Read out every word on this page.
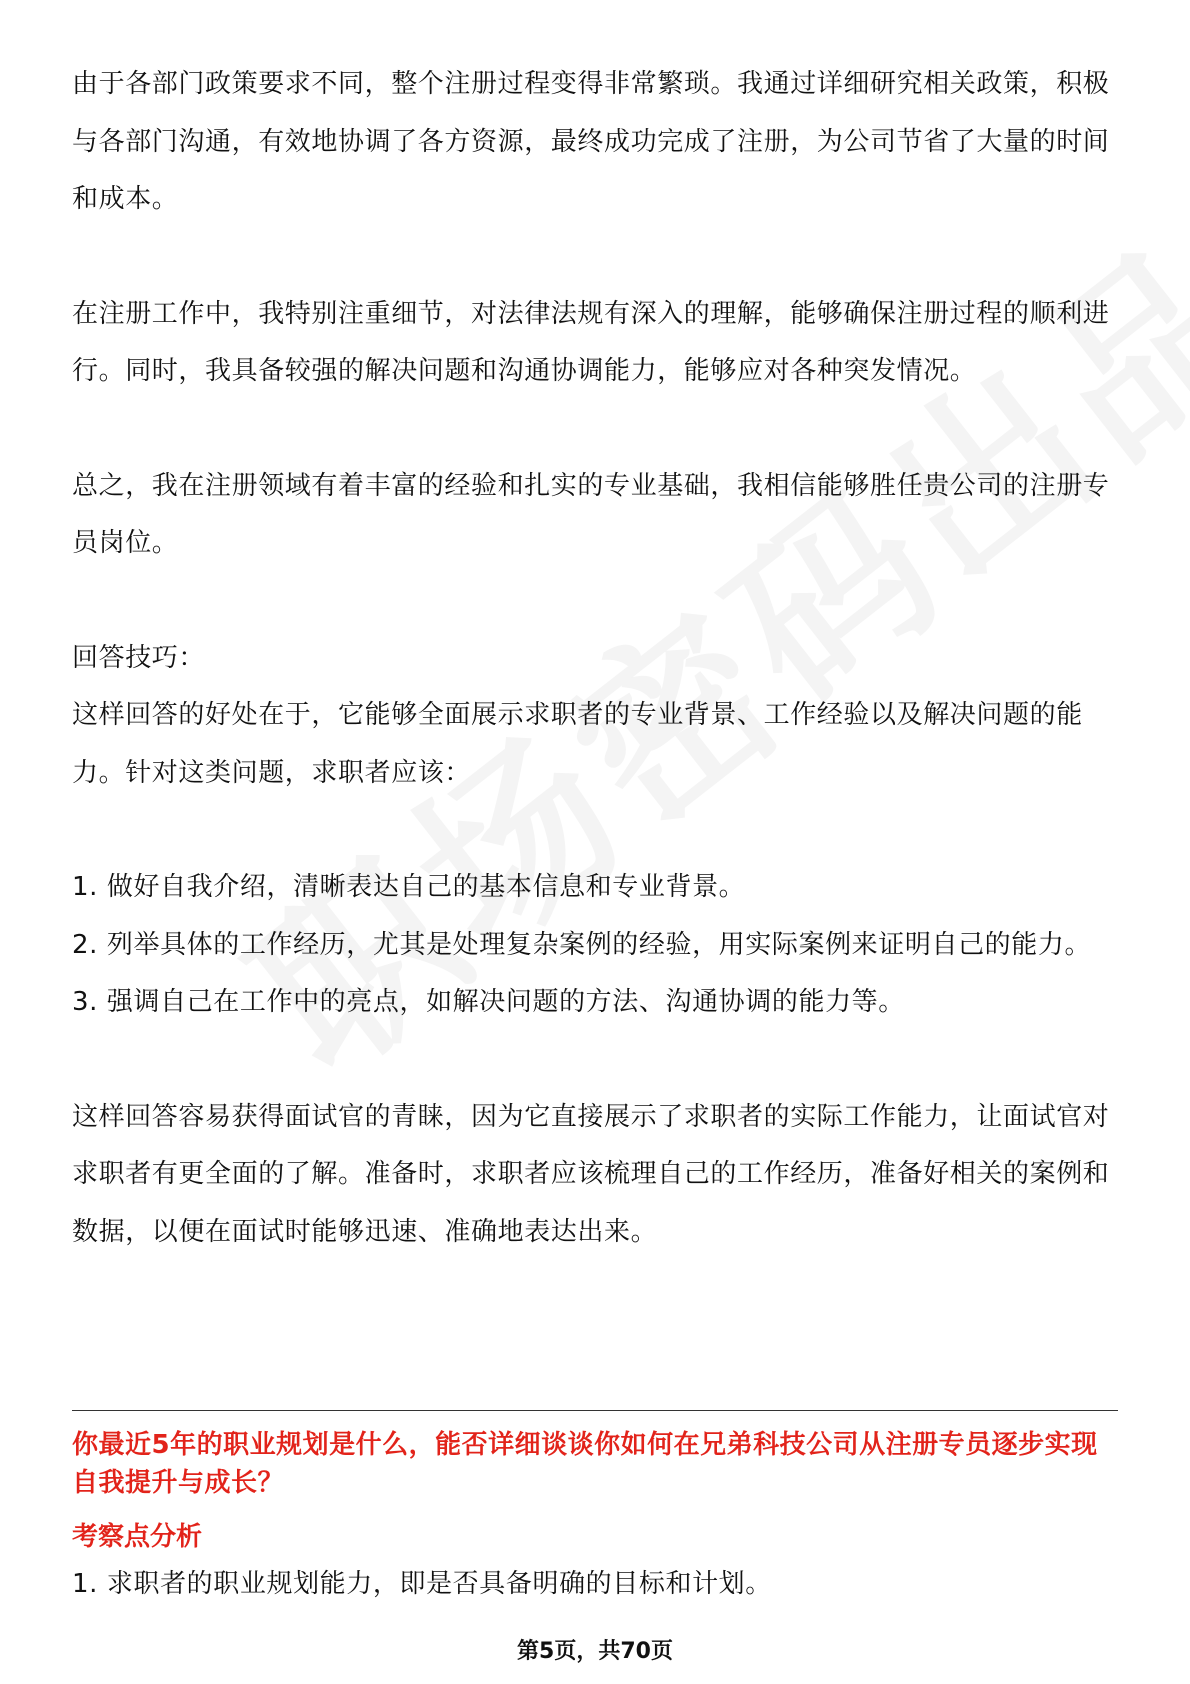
由于各部门政策要求不同，整个注册过程变得非常繁琐。我通过详细研究相关政策，积极与各部门沟通，有效地协调了各方资源，最终成功完成了注册，为公司节省了大量的时间和成本。

在注册工作中，我特别注重细节，对法律法规有深入的理解，能够确保注册过程的顺利进行。同时，我具备较强的解决问题和沟通协调能力，能够应对各种突发情况。

总之，我在注册领域有着丰富的经验和扎实的专业基础，我相信能够胜任贵公司的注册专员岗位。

回答技巧：

这样回答的好处在于，它能够全面展示求职者的专业背景、工作经验以及解决问题的能力。针对这类问题，求职者应该：

1. 做好自我介绍，清晰表达自己的基本信息和专业背景。
2. 列举具体的工作经历，尤其是处理复杂案例的经验，用实际案例来证明自己的能力。
3. 强调自己在工作中的亮点，如解决问题的方法、沟通协调的能力等。

这样回答容易获得面试官的青睐，因为它直接展示了求职者的实际工作能力，让面试官对求职者有更全面的了解。准备时，求职者应该梳理自己的工作经历，准备好相关的案例和数据，以便在面试时能够迅速、准确地表达出来。

你最近5年的职业规划是什么，能否详细谈谈你如何在兄弟科技公司从注册专员逐步实现自我提升与成长？

考察点分析

1. 求职者的职业规划能力，即是否具备明确的目标和计划。

第5页，共70页
